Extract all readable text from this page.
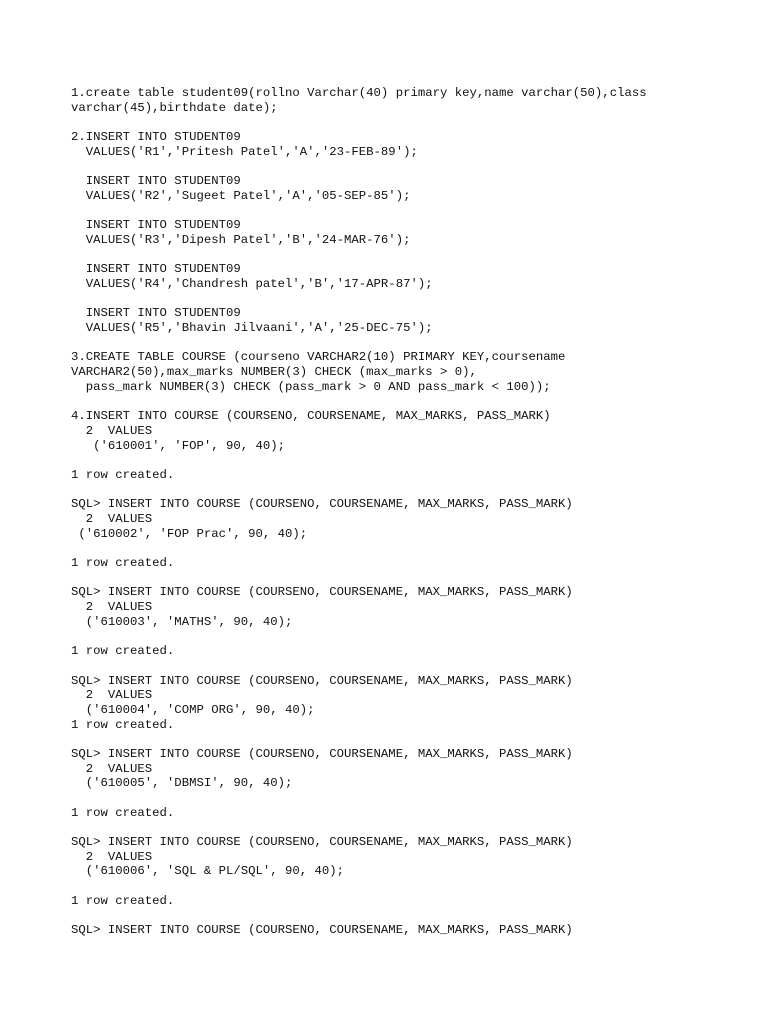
1.create table student09(rollno Varchar(40) primary key,name varchar(50),class
varchar(45),birthdate date);
2.INSERT INTO STUDENT09
VALUES('R1','Pritesh Patel','A','23-FEB-89');
INSERT INTO STUDENT09
VALUES('R2','Sugeet Patel','A','05-SEP-85');
INSERT INTO STUDENT09
VALUES('R3','Dipesh Patel','B','24-MAR-76');
INSERT INTO STUDENT09
VALUES('R4','Chandresh patel','B','17-APR-87');
INSERT INTO STUDENT09
VALUES('R5','Bhavin Jilvaani','A','25-DEC-75');
3.CREATE TABLE COURSE (courseno VARCHAR2(10) PRIMARY KEY,coursename
VARCHAR2(50),max_marks NUMBER(3) CHECK (max_marks > 0),
pass_mark NUMBER(3) CHECK (pass_mark > 0 AND pass_mark < 100));
4.INSERT INTO COURSE (COURSENO, COURSENAME, MAX_MARKS, PASS_MARK)
2  VALUES
('610001', 'FOP', 90, 40);
1 row created.
SQL> INSERT INTO COURSE (COURSENO, COURSENAME, MAX_MARKS, PASS_MARK)
2  VALUES
('610002', 'FOP Prac', 90, 40);
1 row created.
SQL> INSERT INTO COURSE (COURSENO, COURSENAME, MAX_MARKS, PASS_MARK)
2  VALUES
('610003', 'MATHS', 90, 40);
1 row created.
SQL> INSERT INTO COURSE (COURSENO, COURSENAME, MAX_MARKS, PASS_MARK)
2  VALUES
('610004', 'COMP ORG', 90, 40);
1 row created.
SQL> INSERT INTO COURSE (COURSENO, COURSENAME, MAX_MARKS, PASS_MARK)
2  VALUES
('610005', 'DBMSI', 90, 40);
1 row created.
SQL> INSERT INTO COURSE (COURSENO, COURSENAME, MAX_MARKS, PASS_MARK)
2  VALUES
('610006', 'SQL & PL/SQL', 90, 40);
1 row created.
SQL> INSERT INTO COURSE (COURSENO, COURSENAME, MAX_MARKS, PASS_MARK)
